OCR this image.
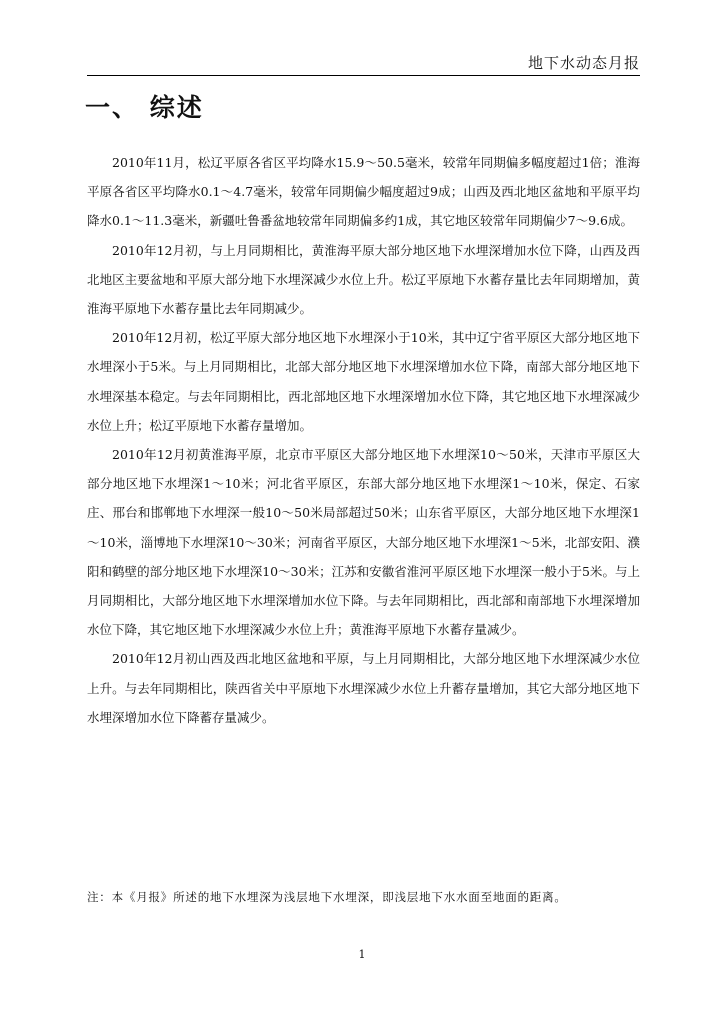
地下水动态月报
一、 综述

2010年11月，松辽平原各省区平均降水15.9～50.5毫米，较常年同期偏多幅度超过1倍；淮海平原各省区平均降水0.1～4.7毫米，较常年同期偏少幅度超过9成；山西及西北地区盆地和平原平均降水0.1～11.3毫米，新疆吐鲁番盆地较常年同期偏多约1成，其它地区较常年同期偏少7～9.6成。

2010年12月初，与上月同期相比，黄淮海平原大部分地区地下水埋深增加水位下降，山西及西北地区主要盆地和平原大部分地下水埋深减少水位上升。松辽平原地下水蓄存量比去年同期增加，黄淮海平原地下水蓄存量比去年同期减少。

2010年12月初，松辽平原大部分地区地下水埋深小于10米，其中辽宁省平原区大部分地区地下水埋深小于5米。与上月同期相比，北部大部分地区地下水埋深增加水位下降，南部大部分地区地下水埋深基本稳定。与去年同期相比，西北部地区地下水埋深增加水位下降，其它地区地下水埋深减少水位上升；松辽平原地下水蓄存量增加。

2010年12月初黄淮海平原，北京市平原区大部分地区地下水埋深10～50米，天津市平原区大部分地区地下水埋深1～10米；河北省平原区，东部大部分地区地下水埋深1～10米，保定、石家庄、邢台和邯郸地下水埋深一般10～50米局部超过50米；山东省平原区，大部分地区地下水埋深1～10米，淄博地下水埋深10～30米；河南省平原区，大部分地区地下水埋深1～5米，北部安阳、濮阳和鹤壁的部分地区地下水埋深10～30米；江苏和安徽省淮河平原区地下水埋深一般小于5米。与上月同期相比，大部分地区地下水埋深增加水位下降。与去年同期相比，西北部和南部地下水埋深增加水位下降，其它地区地下水埋深减少水位上升；黄淮海平原地下水蓄存量减少。

2010年12月初山西及西北地区盆地和平原，与上月同期相比，大部分地区地下水埋深减少水位上升。与去年同期相比，陕西省关中平原地下水埋深减少水位上升蓄存量增加，其它大部分地区地下水埋深增加水位下降蓄存量减少。

注：本《月报》所述的地下水埋深为浅层地下水埋深，即浅层地下水水面至地面的距离。

1
